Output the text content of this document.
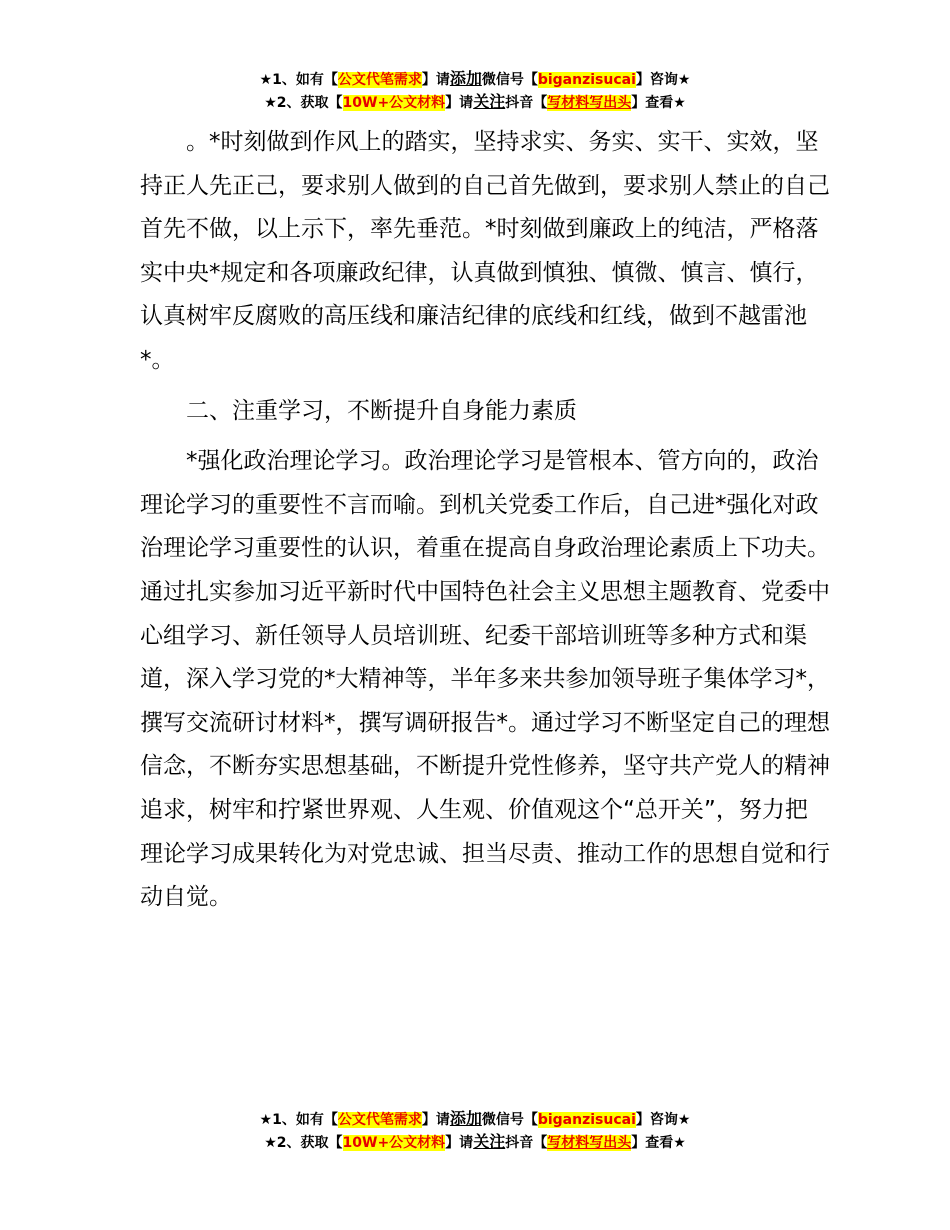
★1、如有【公文代笔需求】请添加微信号【biganzisucai】咨询★
★2、获取【10W+公文材料】请关注抖音【写材料写出头】查看★

。*时刻做到作风上的踏实，坚持求实、务实、实干、实效，坚持正人先正己，要求别人做到的自己首先做到，要求别人禁止的自己首先不做，以上示下，率先垂范。*时刻做到廉政上的纯洁，严格落实中央*规定和各项廉政纪律，认真做到慎独、慎微、慎言、慎行，认真树牢反腐败的高压线和廉洁纪律的底线和红线，做到不越雷池*。

二、注重学习，不断提升自身能力素质

*强化政治理论学习。政治理论学习是管根本、管方向的，政治理论学习的重要性不言而喻。到机关党委工作后，自己进*强化对政治理论学习重要性的认识，着重在提高自身政治理论素质上下功夫。通过扎实参加习近平新时代中国特色社会主义思想主题教育、党委中心组学习、新任领导人员培训班、纪委干部培训班等多种方式和渠道，深入学习党的*大精神等，半年多来共参加领导班子集体学习*，撰写交流研讨材料*，撰写调研报告*。通过学习不断坚定自己的理想信念，不断夯实思想基础，不断提升党性修养，坚守共产党人的精神追求，树牢和拧紧世界观、人生观、价值观这个“总开关”，努力把理论学习成果转化为对党忠诚、担当尽责、推动工作的思想自觉和行动自觉。

★1、如有【公文代笔需求】请添加微信号【biganzisucai】咨询★
★2、获取【10W+公文材料】请关注抖音【写材料写出头】查看★
